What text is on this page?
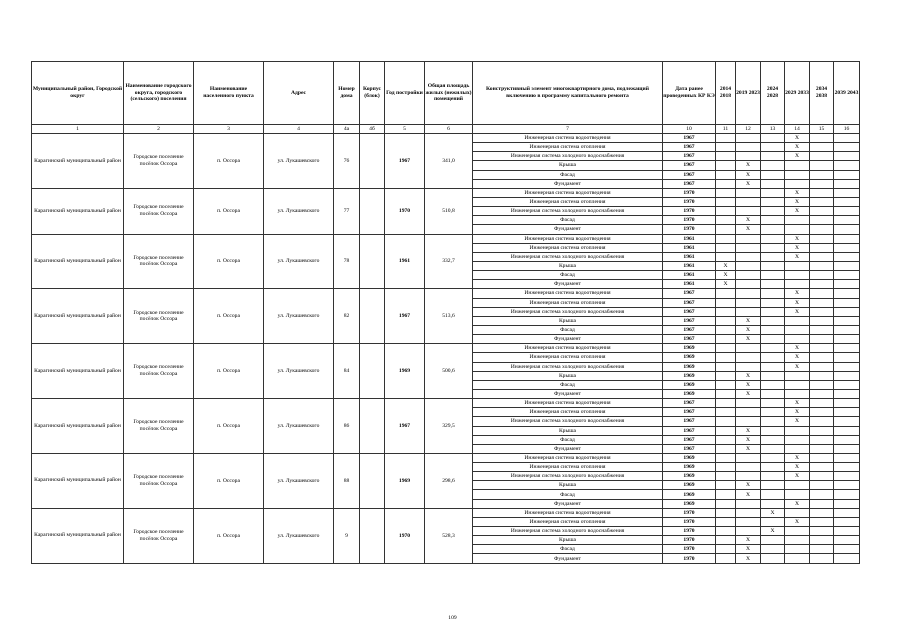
Муниципальный район, Городской округ	Наименование городского округа, городского (сельского) поселения	Наименование населенного пункта	Адрес	Номер дома	Корпус (блок)	Год постройки	Общая площадь жилых (нежилых) помещений	Конструктивный элемент многоквартирного дома, подлежащий включению в программу капитального ремонта	Дата ранее проведенных КР КЭ	2014 2018	2019 2023	2024 2028	2029 2033	2034 2038	2039 2043
1	2	3	4	4а	4б	5	6	7	10	11	12	13	14	15	16
Карагинский муниципальный район	Городское поселение посёлок Оссора	п. Оссора	ул. Лукашевского	76		1967	341,0	Инженерная система водоотведения	1967				Х		
								Инженерная система отопления	1967				Х		
								Инженерная система холодного водоснабжения	1967				Х		
								Крыша	1967		Х				
								Фасад	1967		Х				
								Фундамент	1967		Х				
Карагинский муниципальный район	Городское поселение посёлок Оссора	п. Оссора	ул. Лукашевского	77		1970	510,8	Инженерная система водоотведения	1970				Х		
								Инженерная система отопления	1970				Х		
								Инженерная система холодного водоснабжения	1970				Х		
								Фасад	1970		Х				
								Фундамент	1970		Х				
Карагинский муниципальный район	Городское поселение посёлок Оссора	п. Оссора	ул. Лукашевского	78		1961	332,7	Инженерная система водоотведения	1961				Х		
								Инженерная система отопления	1961				Х		
								Инженерная система холодного водоснабжения	1961				Х		
								Крыша	1961	Х					
								Фасад	1961	Х					
								Фундамент	1961	Х					
Карагинский муниципальный район	Городское поселение посёлок Оссора	п. Оссора	ул. Лукашевского	82		1967	513,6	Инженерная система водоотведения	1967				Х		
								Инженерная система отопления	1967				Х		
								Инженерная система холодного водоснабжения	1967				Х		
								Крыша	1967		Х				
								Фасад	1967		Х				
								Фундамент	1967		Х				
Карагинский муниципальный район	Городское поселение посёлок Оссора	п. Оссора	ул. Лукашевского	84		1969	500,6	Инженерная система водоотведения	1969				Х		
								Инженерная система отопления	1969				Х		
								Инженерная система холодного водоснабжения	1969				Х		
								Крыша	1969		Х				
								Фасад	1969		Х				
								Фундамент	1969		Х				
Карагинский муниципальный район	Городское поселение посёлок Оссора	п. Оссора	ул. Лукашевского	86		1967	329,5	Инженерная система водоотведения	1967				Х		
								Инженерная система отопления	1967				Х		
								Инженерная система холодного водоснабжения	1967				Х		
								Крыша	1967		Х				
								Фасад	1967		Х				
								Фундамент	1967		Х				
Карагинский муниципальный район	Городское поселение посёлок Оссора	п. Оссора	ул. Лукашевского	88		1969	298,6	Инженерная система водоотведения	1969				Х		
								Инженерная система отопления	1969				Х		
								Инженерная система холодного водоснабжения	1969				Х		
								Крыша	1969		Х				
								Фасад	1969		Х				
								Фундамент	1969				Х		
Карагинский муниципальный район	Городское поселение посёлок Оссора	п. Оссора	ул. Лукашевского	9		1970	528,3	Инженерная система водоотведения	1970			Х			
								Инженерная система отопления	1970				Х		
								Инженерная система холодного водоснабжения	1970			Х			
								Крыша	1970		Х				
								Фасад	1970		Х				
								Фундамент	1970		Х				
109
